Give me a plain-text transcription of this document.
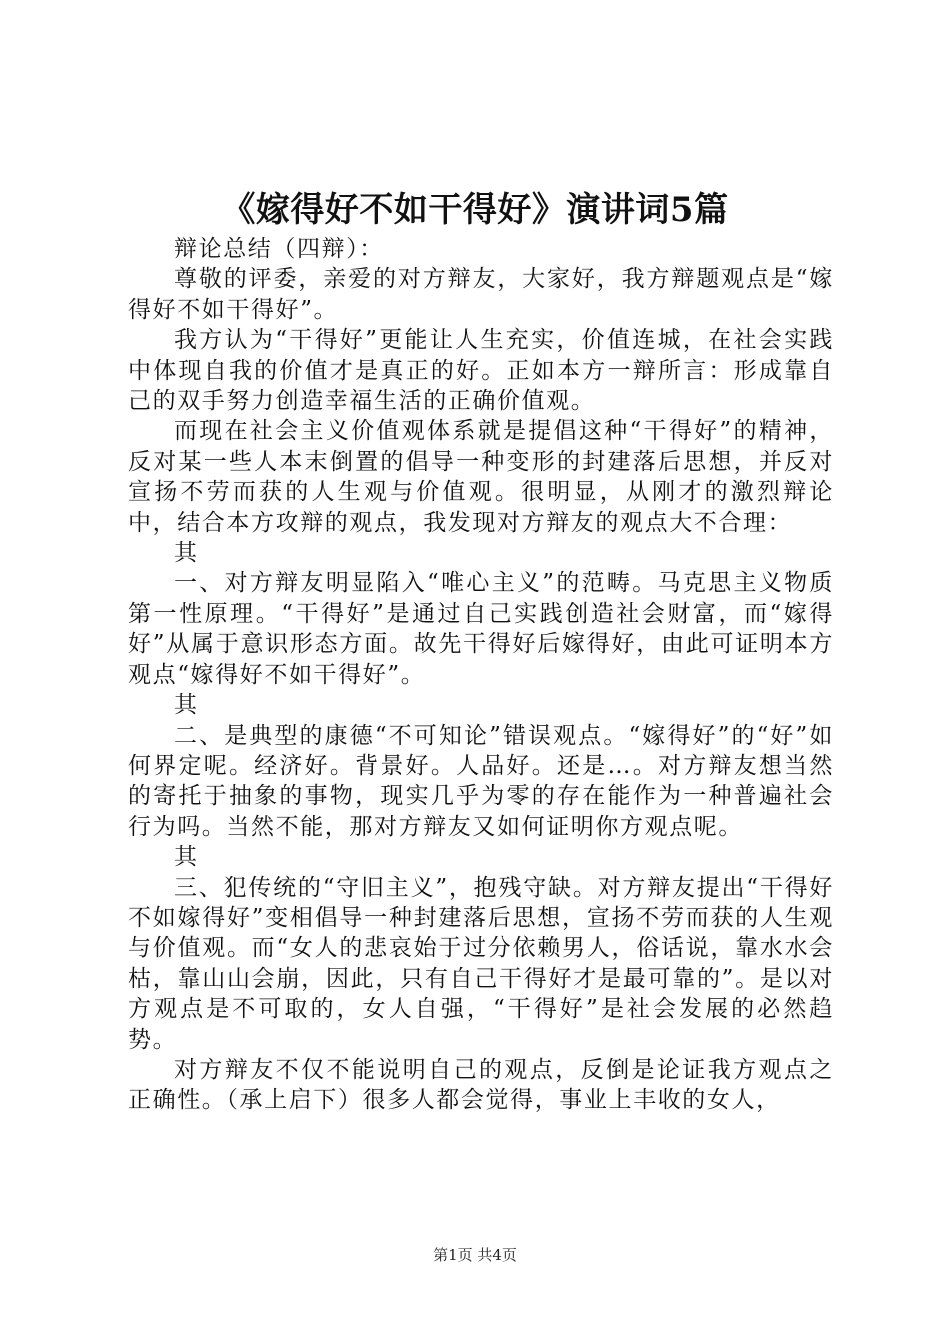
《嫁得好不如干得好》演讲词5篇

辩论总结（四辩）：

尊敬的评委，亲爱的对方辩友，大家好，我方辩题观点是“嫁得好不如干得好”。

我方认为“干得好”更能让人生充实，价值连城，在社会实践中体现自我的价值才是真正的好。正如本方一辩所言：形成靠自己的双手努力创造幸福生活的正确价值观。

而现在社会主义价值观体系就是提倡这种“干得好”的精神，反对某一些人本末倒置的倡导一种变形的封建落后思想，并反对宣扬不劳而获的人生观与价值观。很明显，从刚才的激烈辩论中，结合本方攻辩的观点，我发现对方辩友的观点大不合理：

其

一、对方辩友明显陷入“唯心主义”的范畴。马克思主义物质第一性原理。“干得好”是通过自己实践创造社会财富，而“嫁得好”从属于意识形态方面。故先干得好后嫁得好，由此可证明本方观点“嫁得好不如干得好”。

其

二、是典型的康德“不可知论”错误观点。“嫁得好”的“好”如何界定呢。经济好。背景好。人品好。还是…。对方辩友想当然的寄托于抽象的事物，现实几乎为零的存在能作为一种普遍社会行为吗。当然不能，那对方辩友又如何证明你方观点呢。

其

三、犯传统的“守旧主义”，抱残守缺。对方辩友提出“干得好不如嫁得好”变相倡导一种封建落后思想，宣扬不劳而获的人生观与价值观。而“女人的悲哀始于过分依赖男人，俗话说，靠水水会枯，靠山山会崩，因此，只有自己干得好才是最可靠的”。是以对方观点是不可取的，女人自强，“干得好”是社会发展的必然趋势。

对方辩友不仅不能说明自己的观点，反倒是论证我方观点之正确性。（承上启下）很多人都会觉得，事业上丰收的女人，

第1页 共4页
